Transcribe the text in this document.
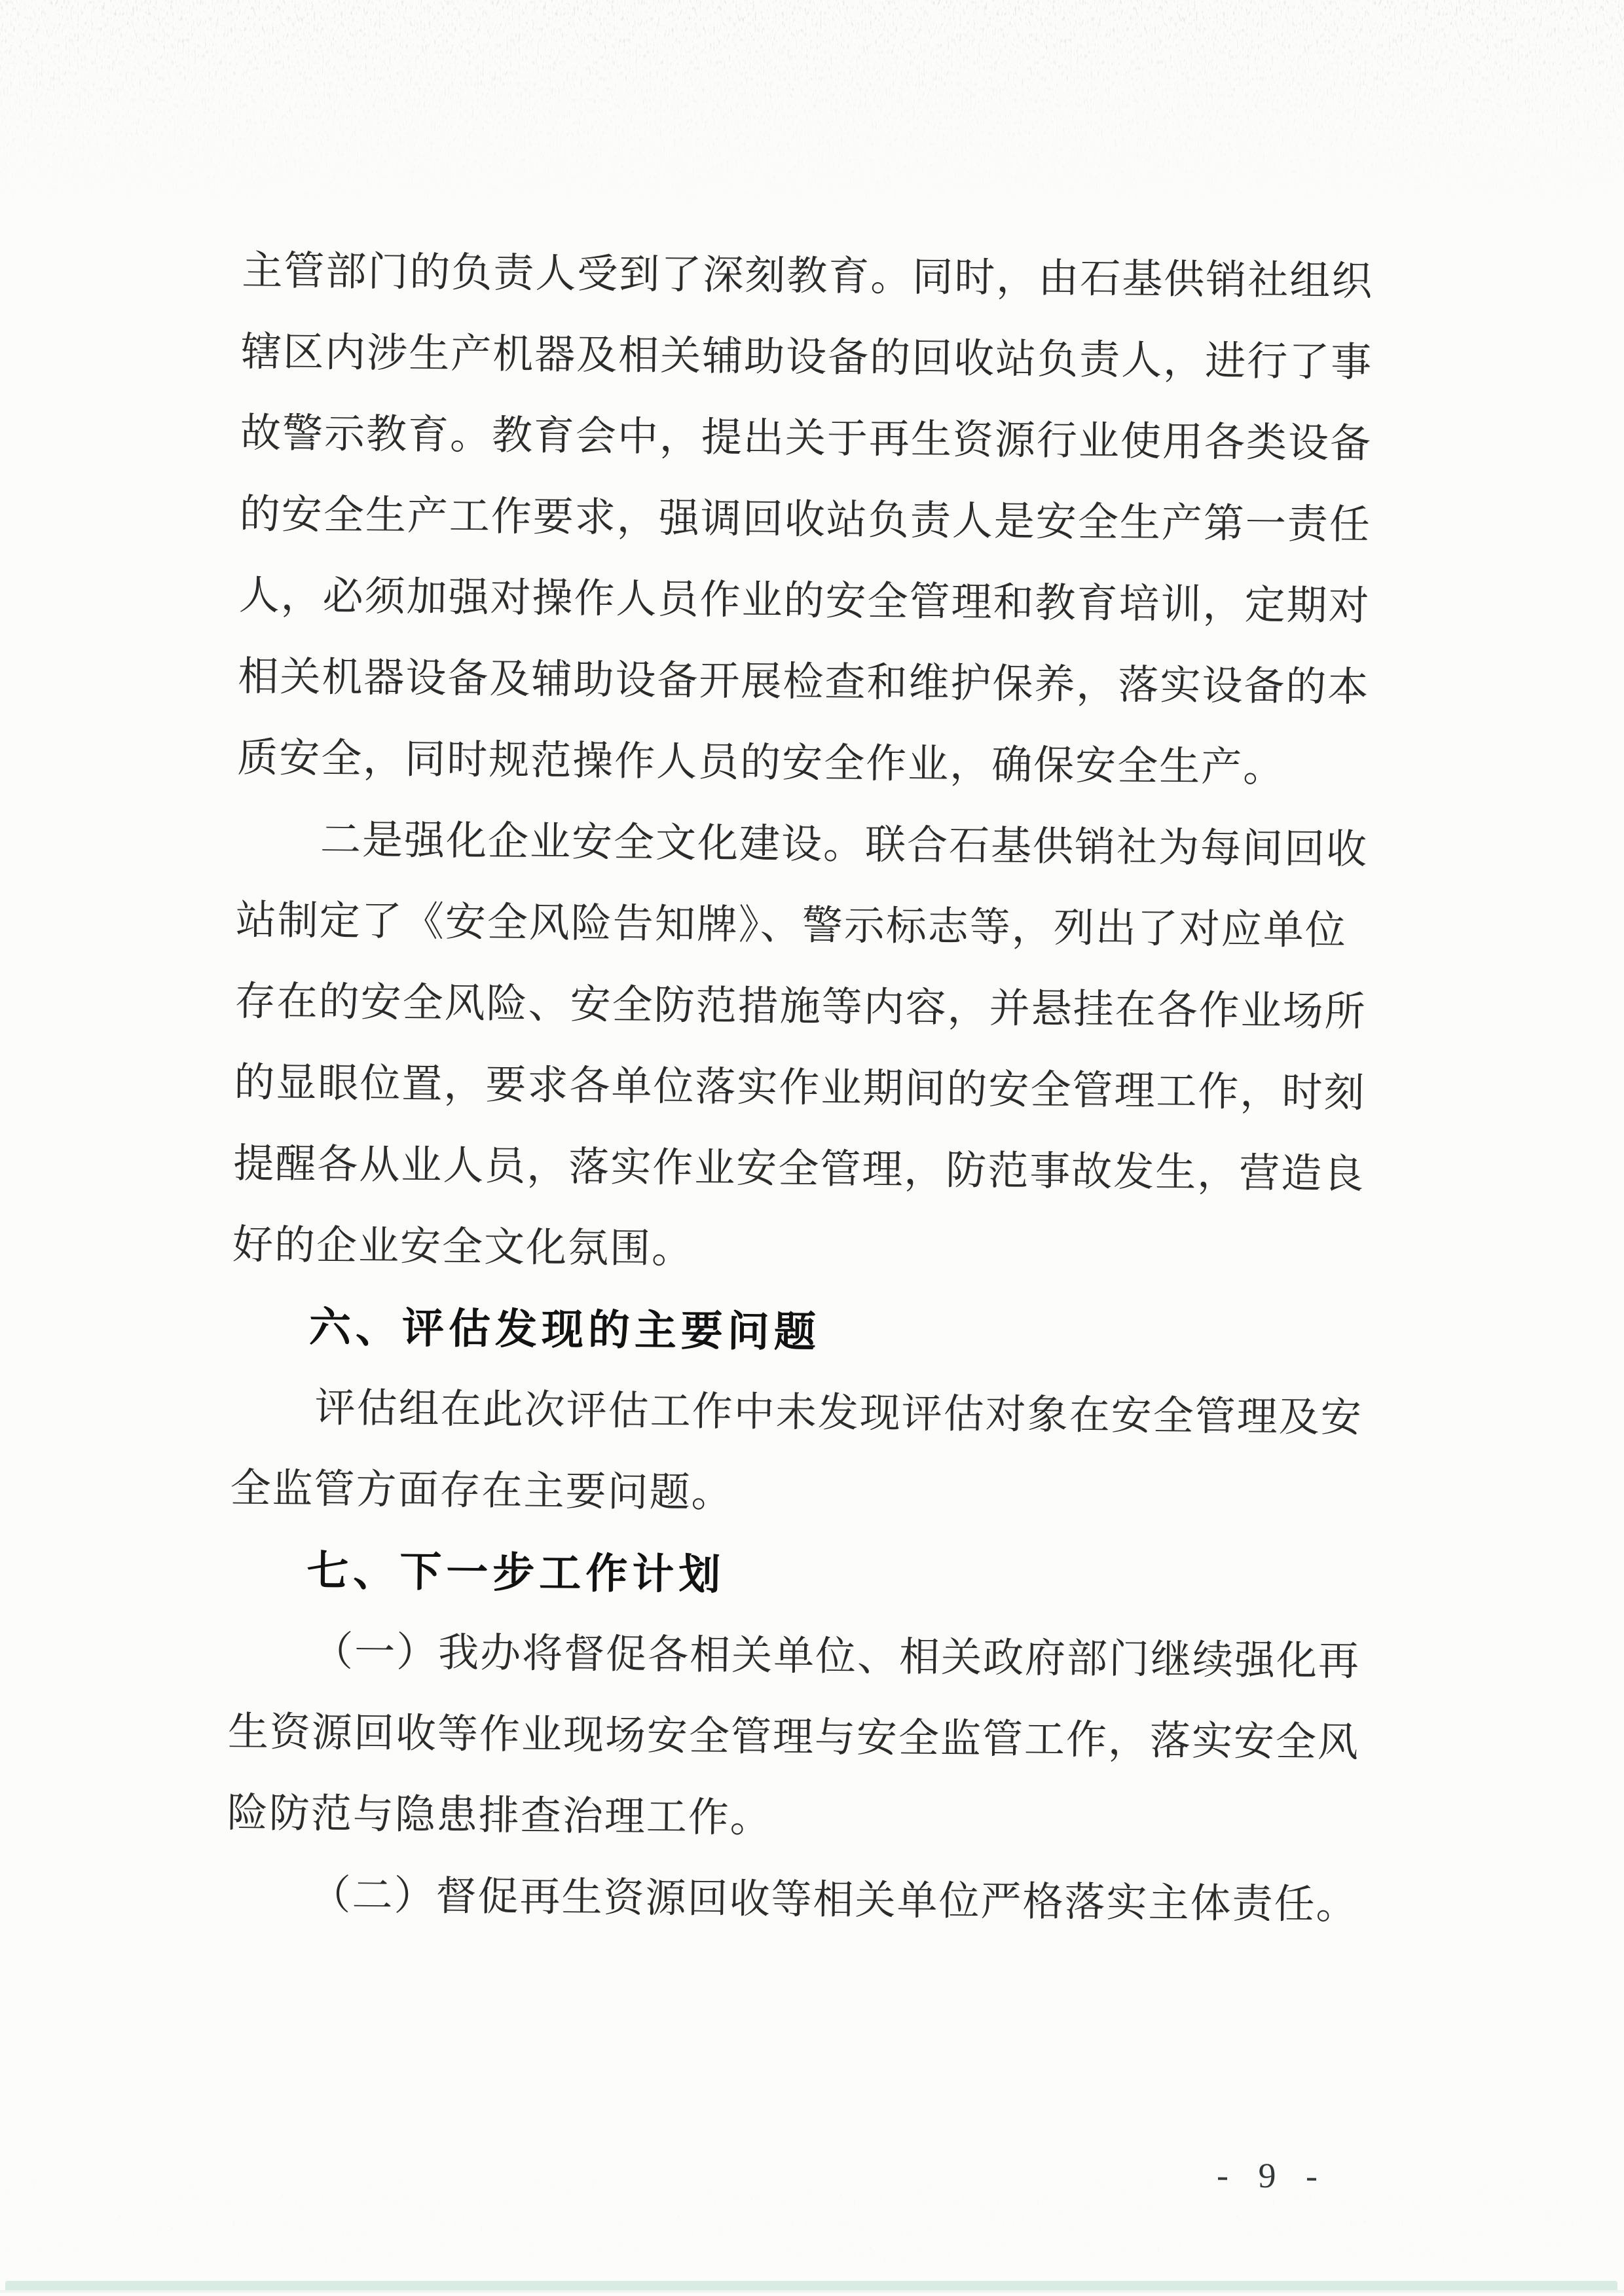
主管部门的负责人受到了深刻教育。同时，由石基供销社组织
辖区内涉生产机器及相关辅助设备的回收站负责人，进行了事
故警示教育。教育会中，提出关于再生资源行业使用各类设备
的安全生产工作要求，强调回收站负责人是安全生产第一责任
人，必须加强对操作人员作业的安全管理和教育培训，定期对
相关机器设备及辅助设备开展检查和维护保养，落实设备的本
质安全，同时规范操作人员的安全作业，确保安全生产。
二是强化企业安全文化建设。联合石基供销社为每间回收
站制定了《安全风险告知牌》、警示标志等，列出了对应单位
存在的安全风险、安全防范措施等内容，并悬挂在各作业场所
的显眼位置，要求各单位落实作业期间的安全管理工作，时刻
提醒各从业人员，落实作业安全管理，防范事故发生，营造良
好的企业安全文化氛围。
六、评估发现的主要问题
评估组在此次评估工作中未发现评估对象在安全管理及安
全监管方面存在主要问题。
七、下一步工作计划
（一）我办将督促各相关单位、相关政府部门继续强化再
生资源回收等作业现场安全管理与安全监管工作，落实安全风
险防范与隐患排查治理工作。
（二）督促再生资源回收等相关单位严格落实主体责任。
- 9 -
